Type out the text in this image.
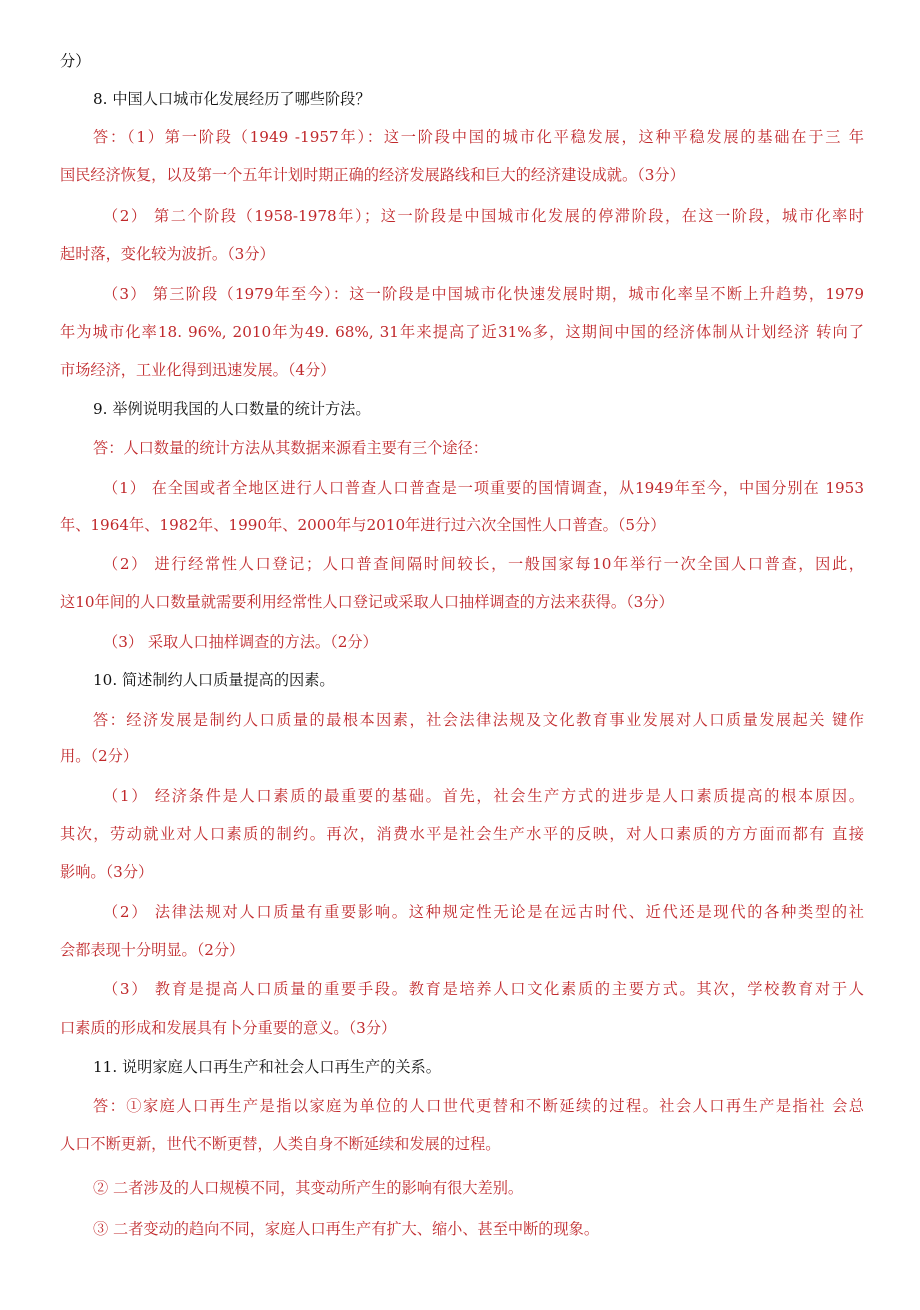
分）
8. 中国人口城市化发展经历了哪些阶段？
答：（1）第一阶段（1949 -1957年）：这一阶段中国的城市化平稳发展，这种平稳发展的基础在于三 年
国民经济恢复，以及第一个五年计划时期正确的经济发展路线和巨大的经济建设成就。（3分）
（2） 第二个阶段（1958-1978年）；这一阶段是中国城市化发展的停滞阶段，在这一阶段，城市化率时
起时落，变化较为波折。（3分）
（3） 第三阶段（1979年至今）：这一阶段是中国城市化快速发展时期，城市化率呈不断上升趋势，1979
年为城市化率18. 96%, 2010年为49. 68%, 31年来提高了近31%多，这期间中国的经济体制从计划经济 转向了
市场经济，工业化得到迅速发展。（4分）
9. 举例说明我国的人口数量的统计方法。
答：人口数量的统计方法从其数据来源看主要有三个途径：
（1） 在全国或者全地区进行人口普查人口普查是一项重要的国情调查，从1949年至今，中国分别在 1953
年、1964年、1982年、1990年、2000年与2010年进行过六次全国性人口普查。（5分）
（2） 进行经常性人口登记；人口普查间隔时间较长，一般国家每10年举行一次全国人口普查，因此，
这10年间的人口数量就需要利用经常性人口登记或采取人口抽样调查的方法来获得。（3分）
（3） 采取人口抽样调查的方法。（2分）
10. 简述制约人口质量提高的因素。
答：经济发展是制约人口质量的最根本因素，社会法律法规及文化教育事业发展对人口质量发展起关 键作
用。（2分）
（1） 经济条件是人口素质的最重要的基础。首先，社会生产方式的进步是人口素质提高的根本原因。
其次，劳动就业对人口素质的制约。再次，消费水平是社会生产水平的反映，对人口素质的方方面而都有 直接
影响。（3分）
（2） 法律法规对人口质量有重要影响。这种规定性无论是在远古时代、近代还是现代的各种类型的社
会都表现十分明显。（2分）
（3） 教育是提高人口质量的重要手段。教育是培养人口文化素质的主要方式。其次，学校教育对于人
口素质的形成和发展具有卜分重要的意义。（3分）
11. 说明家庭人口再生产和社会人口再生产的关系。
答：①家庭人口再生产是指以家庭为单位的人口世代更替和不断延续的过程。社会人口再生产是指社 会总
人口不断更新，世代不断更替，人类自身不断延续和发展的过程。
② 二者涉及的人口规模不同，其变动所产生的影响有很大差别。
③ 二者变动的趋向不同，家庭人口再生产有扩大、缩小、甚至中断的现象。
